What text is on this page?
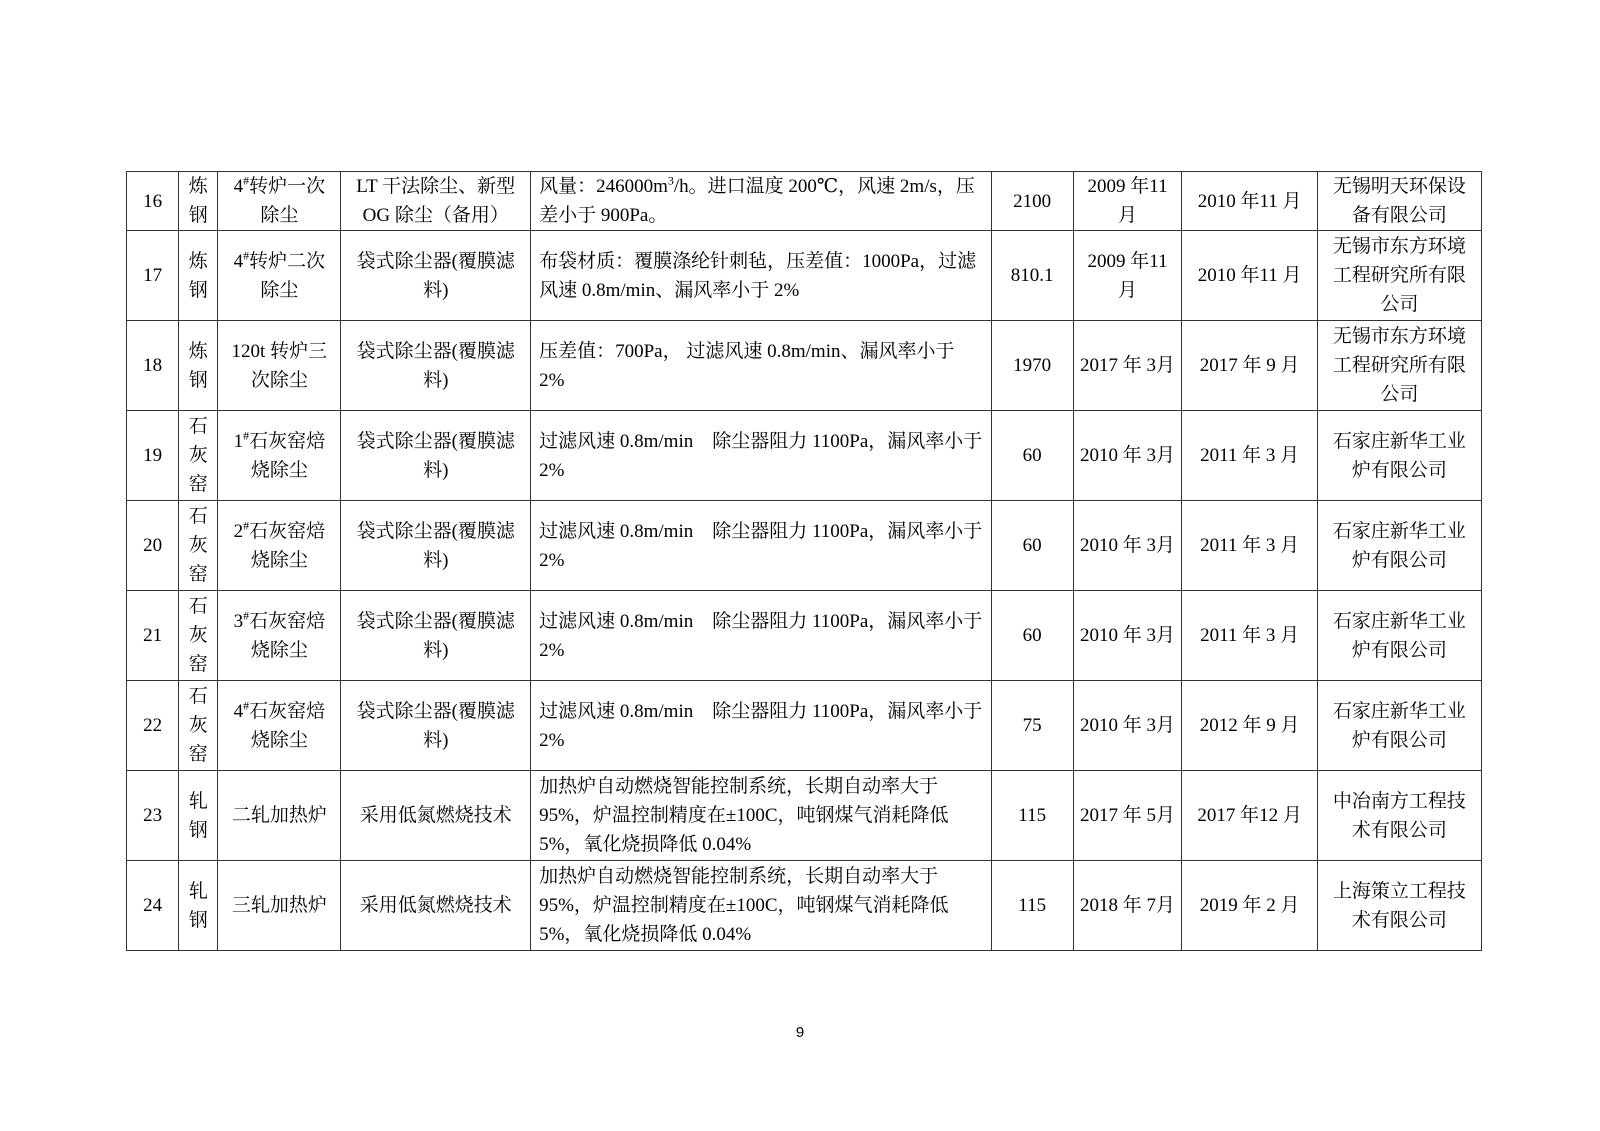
16	炼钢	4#转炉一次除尘	LT 干法除尘、新型OG 除尘（备用）	风量：$246000m^3/h$。进口温度 200℃，风速 2m/s，压差小于 900Pa。	2100	2009 年11 月	2010 年11 月	无锡明天环保设备有限公司
17	炼钢	4#转炉二次除尘	袋式除尘器(覆膜滤料)	布袋材质：覆膜涤纶针刺毡，压差值：1000Pa，过滤风速 0.8m/min、漏风率小于 2%	810.1	2009 年11 月	2010 年11 月	无锡市东方环境工程研究所有限公司
18	炼钢	120t 转炉三次除尘	袋式除尘器(覆膜滤料)	压差值：700Pa， 过滤风速 0.8m/min、漏风率小于 2%	1970	2017 年 3月	2017 年 9 月	无锡市东方环境工程研究所有限公司
19	石灰窑	1#石灰窑焙烧除尘	袋式除尘器(覆膜滤料)	过滤风速 0.8m/min　除尘器阻力 1100Pa，漏风率小于 2%	60	2010 年 3月	2011 年 3 月	石家庄新华工业炉有限公司
20	石灰窑	2#石灰窑焙烧除尘	袋式除尘器(覆膜滤料)	过滤风速 0.8m/min　除尘器阻力 1100Pa，漏风率小于 2%	60	2010 年 3月	2011 年 3 月	石家庄新华工业炉有限公司
21	石灰窑	3#石灰窑焙烧除尘	袋式除尘器(覆膜滤料)	过滤风速 0.8m/min　除尘器阻力 1100Pa，漏风率小于 2%	60	2010 年 3月	2011 年 3 月	石家庄新华工业炉有限公司
22	石灰窑	4#石灰窑焙烧除尘	袋式除尘器(覆膜滤料)	过滤风速 0.8m/min　除尘器阻力 1100Pa，漏风率小于 2%	75	2010 年 3月	2012 年 9 月	石家庄新华工业炉有限公司
23	轧钢	二轧加热炉	采用低氮燃烧技术	加热炉自动燃烧智能控制系统，长期自动率大于 95%，炉温控制精度在±100C，吨钢煤气消耗降低 5%，氧化烧损降低 0.04%	115	2017 年 5月	2017 年12 月	中冶南方工程技术有限公司
24	轧钢	三轧加热炉	采用低氮燃烧技术	加热炉自动燃烧智能控制系统，长期自动率大于 95%，炉温控制精度在±100C，吨钢煤气消耗降低 5%，氧化烧损降低 0.04%	115	2018 年 7月	2019 年 2 月	上海策立工程技术有限公司
9
